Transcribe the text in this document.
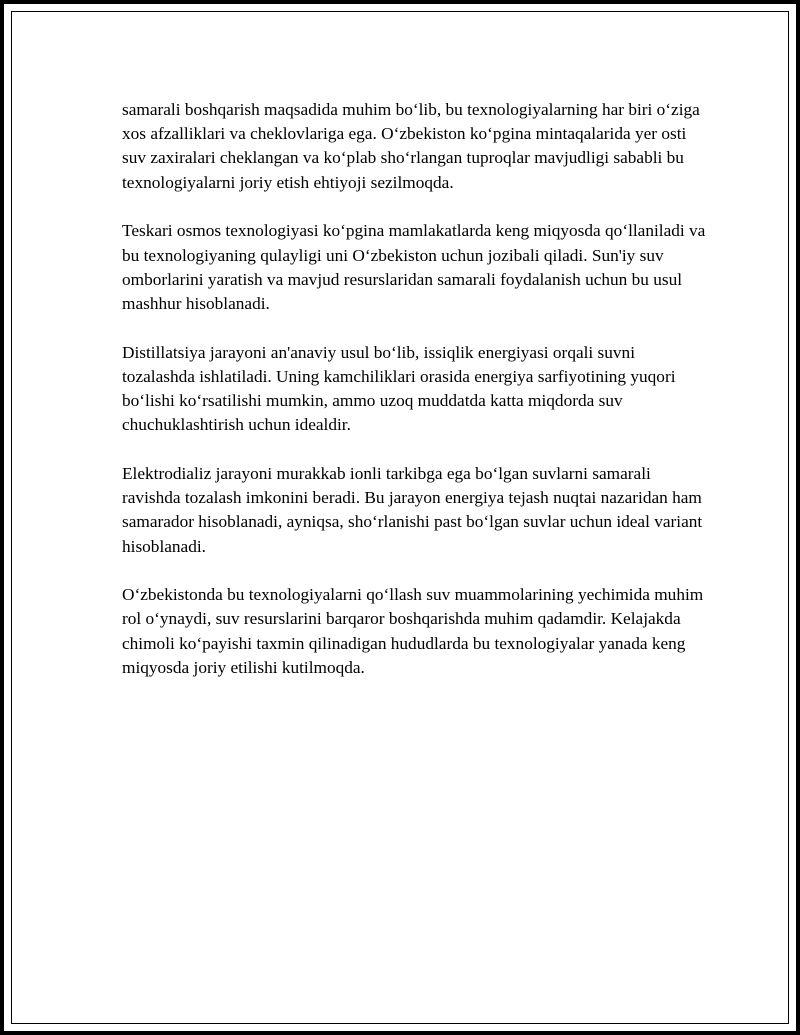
samarali boshqarish maqsadida muhim bo‘lib, bu texnologiyalarning har biri o‘ziga xos afzalliklari va cheklovlariga ega. O‘zbekiston ko‘pgina mintaqalarida yer osti suv zaxiralari cheklangan va ko‘plab sho‘rlangan tuproqlar mavjudligi sababli bu texnologiyalarni joriy etish ehtiyoji sezilmoqda.

Teskari osmos texnologiyasi ko‘pgina mamlakatlarda keng miqyosda qo‘llaniladi va bu texnologiyaning qulayligi uni O‘zbekiston uchun jozibali qiladi. Sun'iy suv omborlarini yaratish va mavjud resurslaridan samarali foydalanish uchun bu usul mashhur hisoblanadi.

Distillatsiya jarayoni an'anaviy usul bo‘lib, issiqlik energiyasi orqali suvni tozalashda ishlatiladi. Uning kamchiliklari orasida energiya sarfiyotining yuqori bo‘lishi ko‘rsatilishi mumkin, ammo uzoq muddatda katta miqdorda suv chuchuklashtirish uchun idealdir.

Elektrodializ jarayoni murakkab ionli tarkibga ega bo‘lgan suvlarni samarali ravishda tozalash imkonini beradi. Bu jarayon energiya tejash nuqtai nazaridan ham samarador hisoblanadi, ayniqsa, sho‘rlanishi past bo‘lgan suvlar uchun ideal variant hisoblanadi.

O‘zbekistonda bu texnologiyalarni qo‘llash suv muammolarining yechimida muhim rol o‘ynaydi, suv resurslarini barqaror boshqarishda muhim qadamdir. Kelajakda chimoli ko‘payishi taxmin qilinadigan hududlarda bu texnologiyalar yanada keng miqyosda joriy etilishi kutilmoqda.
